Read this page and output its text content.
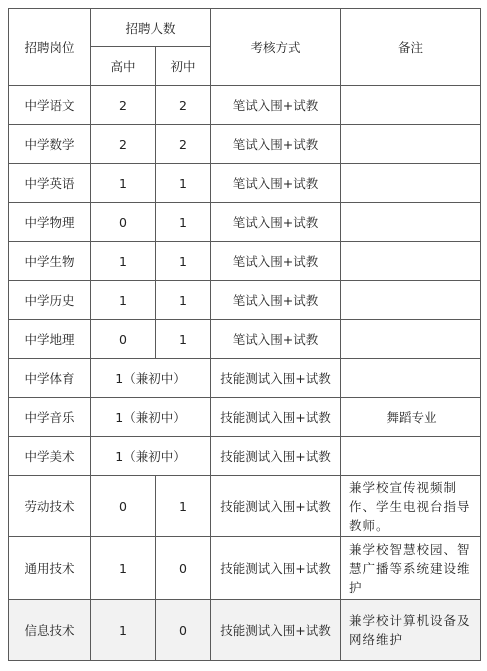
招聘岗位	招聘人数		考核方式	备注
	高中	初中		
中学语文	2	2	笔试入围+试教	
中学数学	2	2	笔试入围+试教	
中学英语	1	1	笔试入围+试教	
中学物理	0	1	笔试入围+试教	
中学生物	1	1	笔试入围+试教	
中学历史	1	1	笔试入围+试教	
中学地理	0	1	笔试入围+试教	
中学体育	1（兼初中）		技能测试入围+试教	
中学音乐	1（兼初中）		技能测试入围+试教	舞蹈专业
中学美术	1（兼初中）		技能测试入围+试教	
劳动技术	0	1	技能测试入围+试教	兼学校宣传视频制作、学生电视台指导教师。
通用技术	1	0	技能测试入围+试教	兼学校智慧校园、智慧广播等系统建设维护
信息技术	1	0	技能测试入围+试教	兼学校计算机设备及网络维护
